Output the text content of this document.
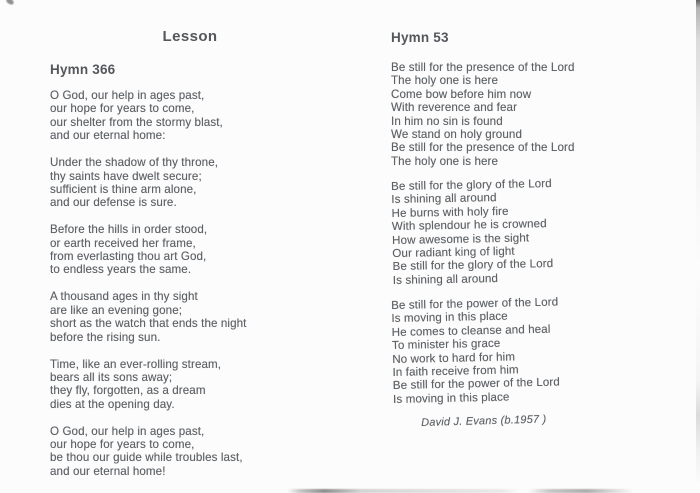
Lesson
Hymn 366

O God, our help in ages past,
our hope for years to come,
our shelter from the stormy blast,
and our eternal home:

Under the shadow of thy throne,
thy saints have dwelt secure;
sufficient is thine arm alone,
and our defense is sure.

Before the hills in order stood,
or earth received her frame,
from everlasting thou art God,
to endless years the same.

A thousand ages in thy sight
are like an evening gone;
short as the watch that ends the night
before the rising sun.

Time, like an ever-rolling stream,
bears all its sons away;
they fly, forgotten, as a dream
dies at the opening day.

O God, our help in ages past,
our hope for years to come,
be thou our guide while troubles last,
and our eternal home!

Hymn 53

Be still for the presence of the Lord
The holy one is here
Come bow before him now
With reverence and fear
In him no sin is found
We stand on holy ground
Be still for the presence of the Lord
The holy one is here

Be still for the glory of the Lord
Is shining all around
He burns with holy fire
With splendour he is crowned
How awesome is the sight
Our radiant king of light
Be still for the glory of the Lord
Is shining all around

Be still for the power of the Lord
Is moving in this place
He comes to cleanse and heal
To minister his grace
No work to hard for him
In faith receive from him
Be still for the power of the Lord
Is moving in this place

David J. Evans (b.1957 )
